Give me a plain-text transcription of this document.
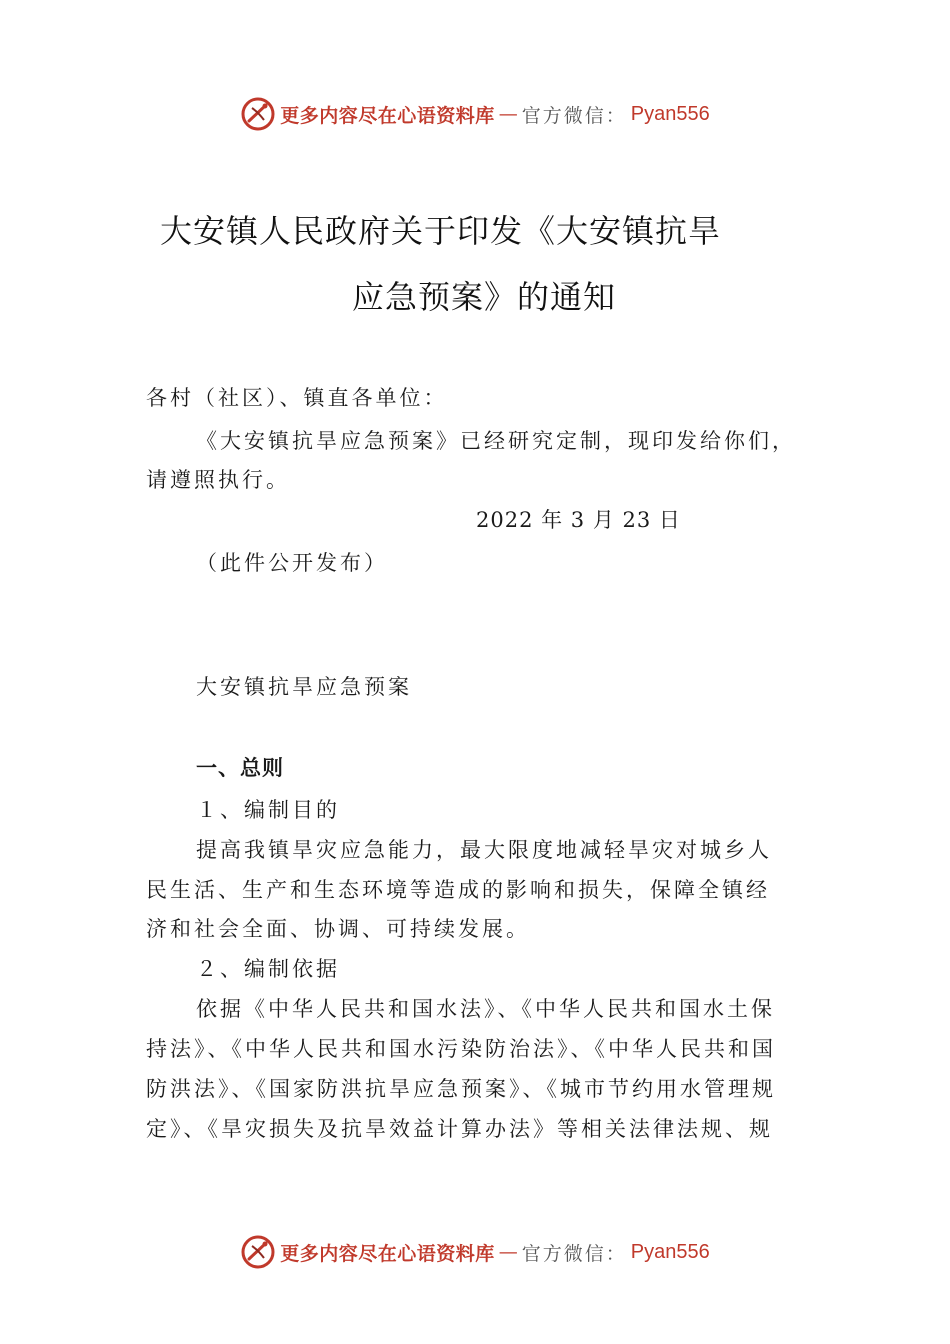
更多内容尽在心语资料库 — 官方微信： Pyan556
大安镇人民政府关于印发《大安镇抗旱
应急预案》的通知
各村（社区）、镇直各单位：
《大安镇抗旱应急预案》已经研究定制，现印发给你们，
请遵照执行。
2022 年 3 月 23 日
（此件公开发布）
大安镇抗旱应急预案
一、总则
１、编制目的
提高我镇旱灾应急能力，最大限度地减轻旱灾对城乡人
民生活、生产和生态环境等造成的影响和损失，保障全镇经
济和社会全面、协调、可持续发展。
２、编制依据
依据《中华人民共和国水法》、《中华人民共和国水土保
持法》、《中华人民共和国水污染防治法》、《中华人民共和国
防洪法》、《国家防洪抗旱应急预案》、《城市节约用水管理规
定》、《旱灾损失及抗旱效益计算办法》等相关法律法规、规
更多内容尽在心语资料库 — 官方微信： Pyan556
